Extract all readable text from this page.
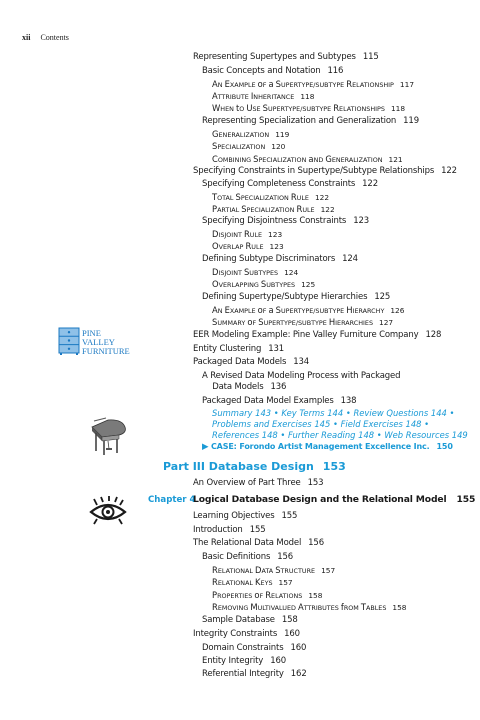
xii Contents
PINE
VALLEY
FURNITURE
Representing Supertypes and Subtypes 115
Basic Concepts and Notation 116
AN EXAMPLE oF a SUPERTYPE/SUBTYPE RELATIONSHIP 117
ATTRIBUTE INHERITANCE 118
WHEN tO USE SUPERTYPE/SUBTYPE RELATIONSHIPS 118
Representing Specialization and Generalization 119
GENERALIZATION 119
SPECIALIZATION 120
COMBINING SPECIALIZATION aND GENERALIZATION 121
Specifying Constraints in Supertype/Subtype Relationships 122
Specifying Completeness Constraints 122
TOTAL SPECIALIZATION RULE 122
PARTIAL SPECIALIZATION RULE 122
Specifying Disjointness Constraints 123
DISJOINT RULE 123
OVERLAP RULE 123
Defining Subtype Discriminators 124
DISJOINT SUBTYPES 124
OVERLAPPING SUBTYPES 125
Defining Supertype/Subtype Hierarchies 125
AN EXAMPLE oF a SUPERTYPE/SUBTYPE HIERARCHY 126
SUMMARY oF SUPERTYPE/SUBTYPE HIERARCHIES 127
EER Modeling Example: Pine Valley Furniture Company 128
Entity Clustering 131
Packaged Data Models 134
A Revised Data Modeling Process with Packaged
Data Models 136
Packaged Data Model Examples 138
Summary 143 • Key Terms 144 • Review Questions 144 •
Problems and Exercises 145 • Field Exercises 148 •
References 148 • Further Reading 148 • Web Resources 149
▶ CASE: Forondo Artist Management Excellence Inc. 150
Part III Database Design 153
An Overview of Part Three 153
Chapter 4
Logical Database Design and the Relational Model 155
Learning Objectives 155
Introduction 155
The Relational Data Model 156
Basic Definitions 156
RELATIONAL DATA STRUCTURE 157
RELATIONAL KEYS 157
PROPERTIES oF RELATIONS 158
REMOVING MULTIVALUED ATTRIBUTES fROM TABLES 158
Sample Database 158
Integrity Constraints 160
Domain Constraints 160
Entity Integrity 160
Referential Integrity 162
